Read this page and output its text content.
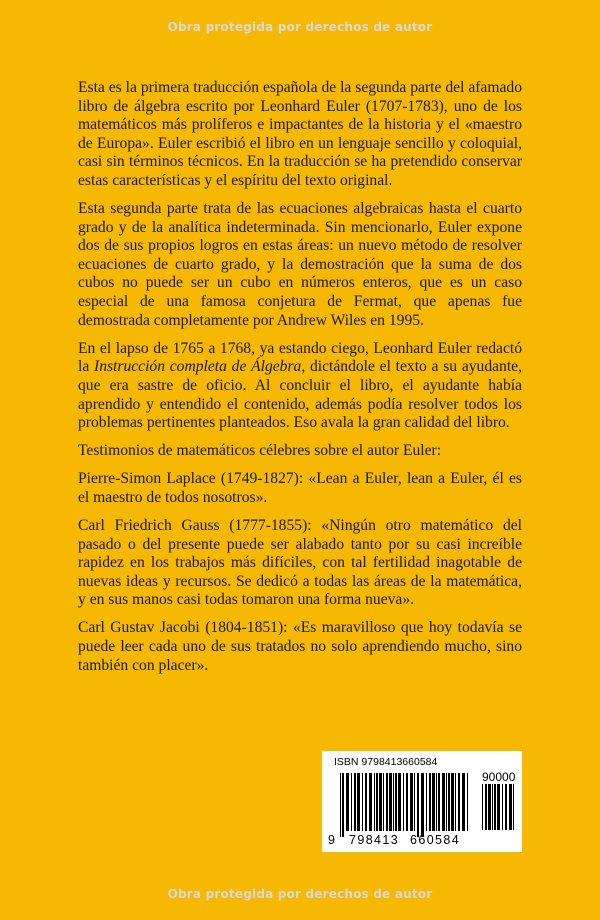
Obra protegida por derechos de autor

Esta es la primera traducción española de la segunda parte del afamado libro de álgebra escrito por Leonhard Euler (1707-1783), uno de los matemáticos más prolíferos e impactantes de la historia y el «maestro de Europa». Euler escribió el libro en un lenguaje sencillo y coloquial, casi sin términos técnicos. En la traducción se ha pretendido conservar estas características y el espíritu del texto original.

Esta segunda parte trata de las ecuaciones algebraicas hasta el cuarto grado y de la analítica indeterminada. Sin mencionarlo, Euler expone dos de sus propios logros en estas áreas: un nuevo método de resolver ecuaciones de cuarto grado, y la demostración que la suma de dos cubos no puede ser un cubo en números enteros, que es un caso especial de una famosa conjetura de Fermat, que apenas fue demostrada completamente por Andrew Wiles en 1995.

En el lapso de 1765 a 1768, ya estando ciego, Leonhard Euler redactó la Instrucción completa de Álgebra, dictándole el texto a su ayudante, que era sastre de oficio. Al concluir el libro, el ayudante había aprendido y entendido el contenido, además podía resolver todos los problemas pertinentes planteados. Eso avala la gran calidad del libro.

Testimonios de matemáticos célebres sobre el autor Euler:

Pierre-Simon Laplace (1749-1827): «Lean a Euler, lean a Euler, él es el maestro de todos nosotros».

Carl Friedrich Gauss (1777-1855): «Ningún otro matemático del pasado o del presente puede ser alabado tanto por su casi increíble rapidez en los trabajos más difíciles, con tal fertilidad inagotable de nuevas ideas y recursos. Se dedicó a todas las áreas de la matemática, y en sus manos casi todas tomaron una forma nueva».

Carl Gustav Jacobi (1804-1851): «Es maravilloso que hoy todavía se puede leer cada uno de sus tratados no solo aprendiendo mucho, sino también con placer».

ISBN 9798413660584
90000
9 798413 660584
Obra protegida por derechos de autor
